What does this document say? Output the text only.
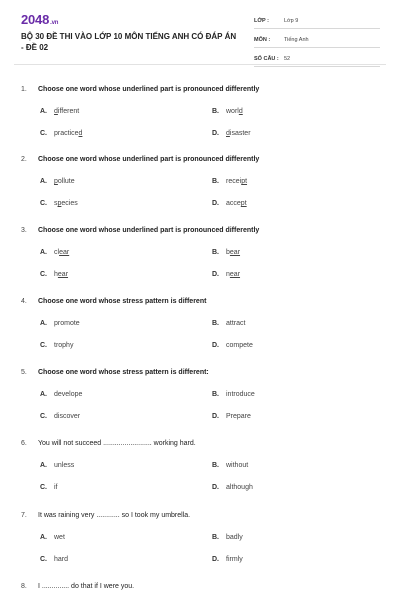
2048.vn
BỘ 30 ĐỀ THI VÀO LỚP 10 MÔN TIẾNG ANH CÓ ĐÁP ÁN - ĐỀ 02
LỚP :	Lớp 9
MÔN :	Tiếng Anh
SỐ CÂU : 52
1. Choose one word whose underlined part is pronounced differently
A. different	B. world
C. practiced	D. disaster
2. Choose one word whose underlined part is pronounced differently
A. pollute	B. receipt
C. species	D. accept
3. Choose one word whose underlined part is pronounced differently
A. clear	B. bear
C. hear	D. near
4. Choose one word whose stress pattern is different
A. promote	B. attract
C. trophy	D. compete
5. Choose one word whose stress pattern is different:
A. develope	B. introduce
C. discover	D. Prepare
6. You will not succeed ......................... working hard.
A. unless	B. without
C. if	D. although
7. It was raining very ............ so I took my umbrella.
A. wet	B. badly
C. hard	D. firmly
8. I .............. do that if I were you.
